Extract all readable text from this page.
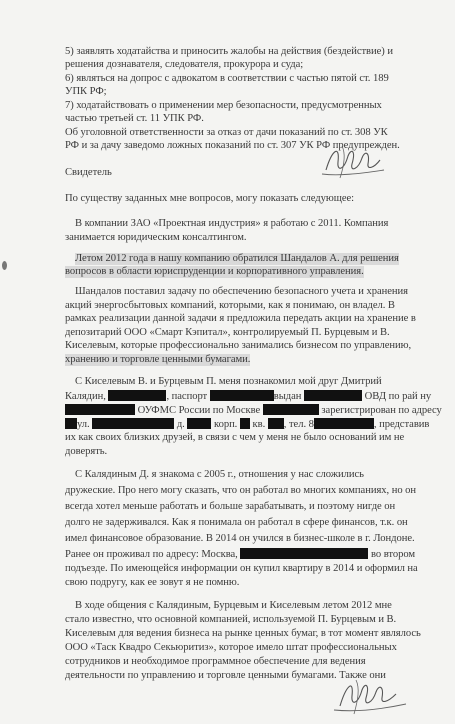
5) заявлять ходатайства и приносить жалобы на действия (бездействие) и
решения дознавателя, следователя, прокурора и суда;
6) являться на допрос с адвокатом в соответствии с частью пятой ст. 189
УПК РФ;
7) ходатайствовать о применении мер безопасности, предусмотренных
частью третьей ст. 11 УПК РФ.
Об уголовной ответственности за отказ от дачи показаний по ст. 308 УК
РФ и за дачу заведомо ложных показаний по ст. 307 УК РФ предупрежден.
Свидетель
По существу заданных мне вопросов, могу показать следующее:
В компании ЗАО «Проектная индустрия» я работаю с 2011. Компания
занимается юридическим консалтингом.
Летом 2012 года в нашу компанию обратился Шандалов А. для решения
вопросов в области юриспруденции и корпоративного управления.
Шандалов поставил задачу по обеспечению безопасного учета и хранения
акций энергосбытовых компаний, которыми, как я понимаю, он владел. В
рамках реализации данной задачи я предложила передать акции на хранение в
депозитарий ООО «Смарт Кэпитал», контролируемый П. Бурцевым и В.
Киселевым, которые профессионально занимались бизнесом по управлению,
хранению и торговле ценными бумагами.
С Киселевым В. и Бурцевым П. меня познакомил мой друг Дмитрий
Калядин,	, паспорт	выдан	ОВД по рай ну
ОУФМС России по Москве	зарегистрирован по адресу
ул.	д.	корп. кв. , тел. 8	, представив
их как своих близких друзей, в связи с чем у меня не было оснований им не
доверять.
С Калядиным Д. я знакома с 2005 г., отношения у нас сложились
дружеские. Про него могу сказать, что он работал во многих компаниях, но он
всегда хотел меньше работать и больше зарабатывать, и поэтому нигде он
долго не задерживался. Как я понимала он работал в сфере финансов, т.к. он
имел финансовое образование. В 2014 он учился в бизнес-школе в г. Лондоне.
Ранее он проживал по адресу: Москва,	во втором
подъезде. По имеющейся информации он купил квартиру в 2014 и оформил на
свою подругу, как ее зовут я не помню.
В ходе общения с Калядиным, Бурцевым и Киселевым летом 2012 мне
стало известно, что основной компанией, используемой П. Бурцевым и В.
Киселевым для ведения бизнеса на рынке ценных бумаг, в тот момент являлось
ООО «Таск Квадро Секьюритиз», которое имело штат профессиональных
сотрудников и необходимое программное обеспечение для ведения
деятельности по управлению и торговле ценными бумагами. Также они
